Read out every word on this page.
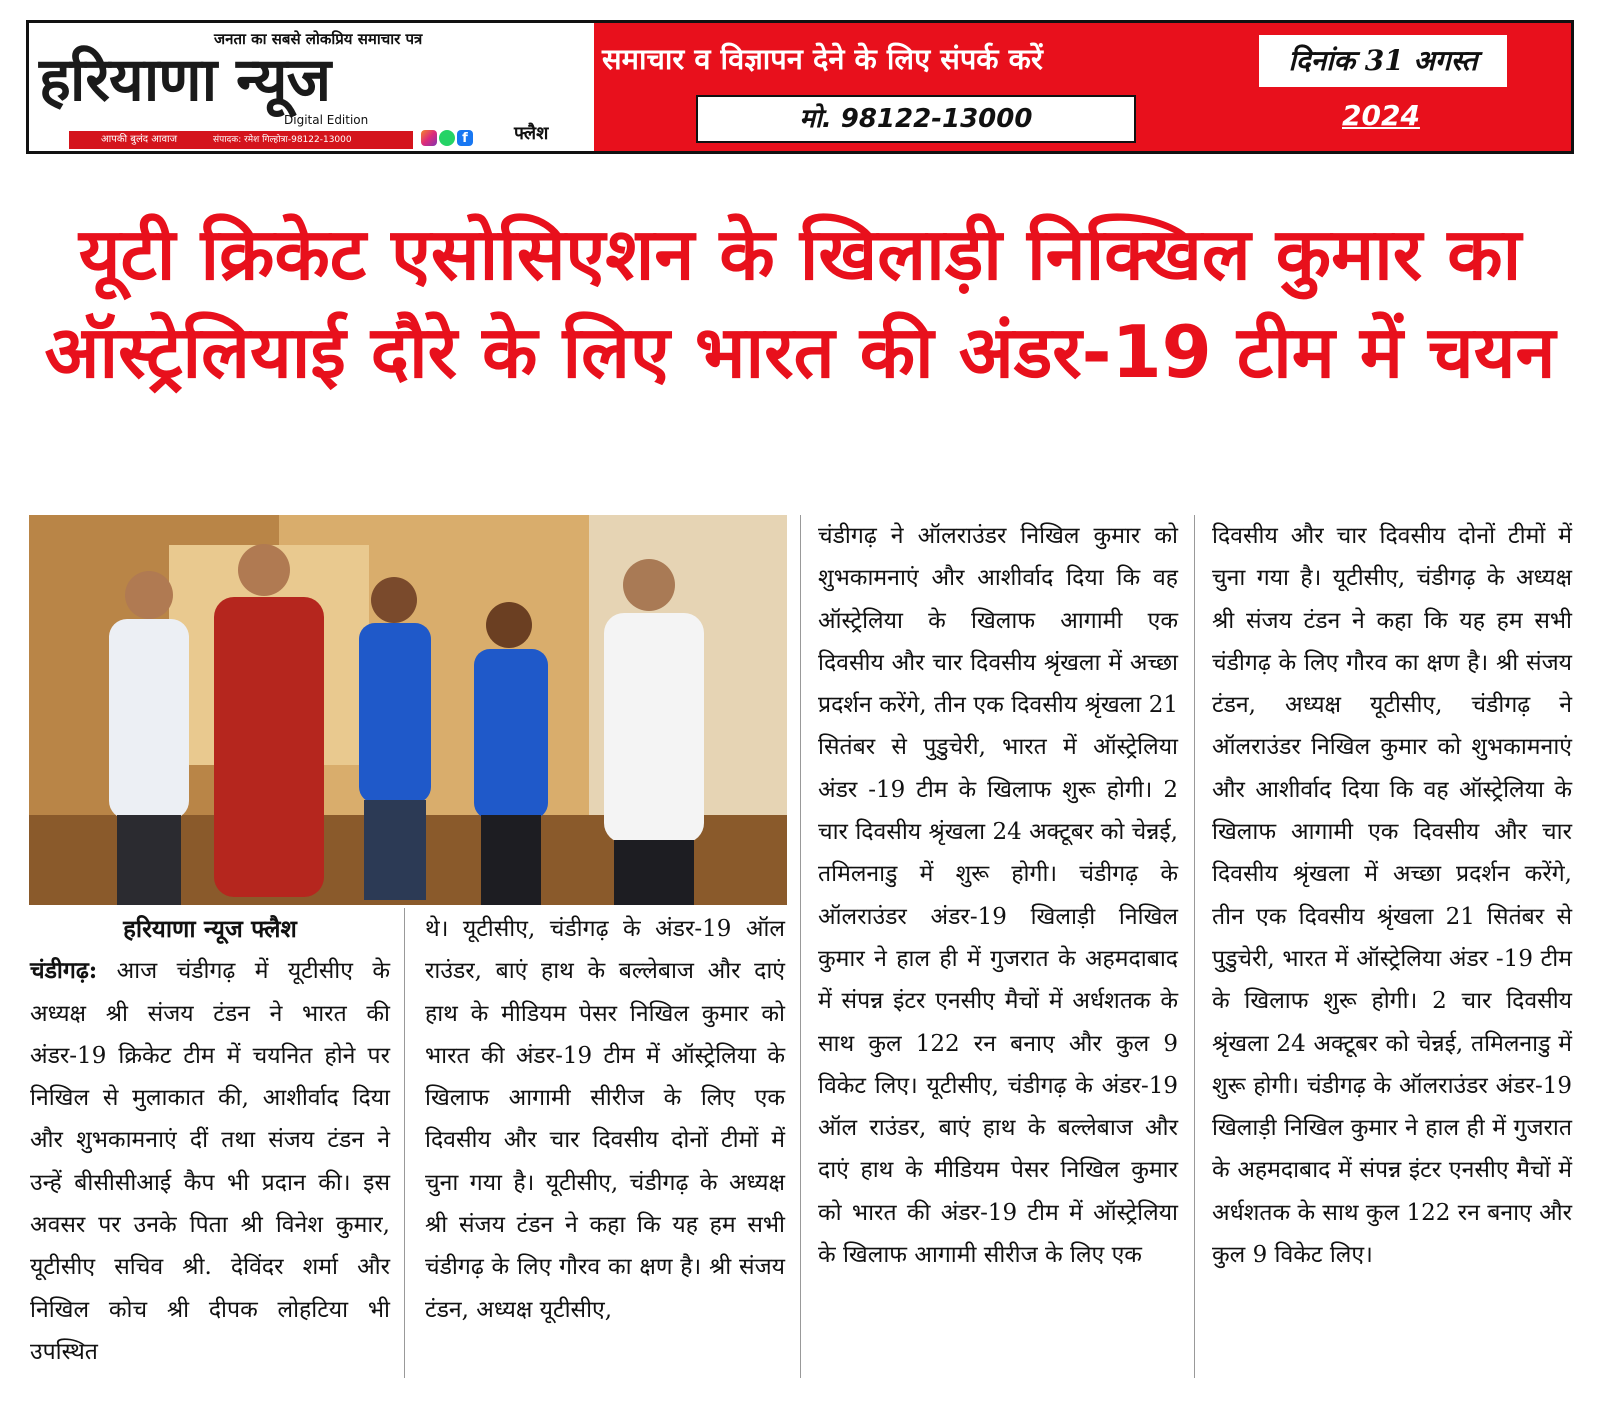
जनता का सबसे लोकप्रिय समाचार पत्र
हरियाणा न्यूज
Digital Edition
फ्लैश
आपकी बुलंद आवाज	संपादक: रमेश गिल्होत्रा-98122-13000	f
समाचार व विज्ञापन देने के लिए संपर्क करें
मो. 98122-13000
दिनांक 31 अगस्त
2024
यूटी क्रिकेट एसोसिएशन के खिलाड़ी निक्खिल कुमार का
ऑस्ट्रेलियाई दौरे के लिए भारत की अंडर-19 टीम में चयन

हरियाणा न्यूज फ्लैश

चंडीगढ़: आज चंडीगढ़ में यूटीसीए के अध्यक्ष श्री संजय टंडन ने भारत की अंडर-19 क्रिकेट टीम में चयनित होने पर निखिल से मुलाकात की, आशीर्वाद दिया और शुभकामनाएं दीं तथा संजय टंडन ने उन्हें बीसीसीआई कैप भी प्रदान की। इस अवसर पर उनके पिता श्री विनेश कुमार, यूटीसीए सचिव श्री. देविंदर शर्मा और निखिल कोच श्री दीपक लोहटिया भी उपस्थित
थे। यूटीसीए, चंडीगढ़ के अंडर-19 ऑल राउंडर, बाएं हाथ के बल्लेबाज और दाएं हाथ के मीडियम पेसर निखिल कुमार को भारत की अंडर-19 टीम में ऑस्ट्रेलिया के खिलाफ आगामी सीरीज के लिए एक दिवसीय और चार दिवसीय दोनों टीमों में चुना गया है। यूटीसीए, चंडीगढ़ के अध्यक्ष श्री संजय टंडन ने कहा कि यह हम सभी चंडीगढ़ के लिए गौरव का क्षण है। श्री संजय टंडन, अध्यक्ष यूटीसीए,
चंडीगढ़ ने ऑलराउंडर निखिल कुमार को शुभकामनाएं और आशीर्वाद दिया कि वह ऑस्ट्रेलिया के खिलाफ आगामी एक दिवसीय और चार दिवसीय श्रृंखला में अच्छा प्रदर्शन करेंगे, तीन एक दिवसीय श्रृंखला 21 सितंबर से पुडुचेरी, भारत में ऑस्ट्रेलिया अंडर -19 टीम के खिलाफ शुरू होगी। 2 चार दिवसीय श्रृंखला 24 अक्टूबर को चेन्नई, तमिलनाडु में शुरू होगी। चंडीगढ़ के ऑलराउंडर अंडर-19 खिलाड़ी निखिल कुमार ने हाल ही में गुजरात के अहमदाबाद में संपन्न इंटर एनसीए मैचों में अर्धशतक के साथ कुल 122 रन बनाए और कुल 9 विकेट लिए। यूटीसीए, चंडीगढ़ के अंडर-19 ऑल राउंडर, बाएं हाथ के बल्लेबाज और दाएं हाथ के मीडियम पेसर निखिल कुमार को भारत की अंडर-19 टीम में ऑस्ट्रेलिया के खिलाफ आगामी सीरीज के लिए एक
दिवसीय और चार दिवसीय दोनों टीमों में चुना गया है। यूटीसीए, चंडीगढ़ के अध्यक्ष श्री संजय टंडन ने कहा कि यह हम सभी चंडीगढ़ के लिए गौरव का क्षण है। श्री संजय टंडन, अध्यक्ष यूटीसीए, चंडीगढ़ ने ऑलराउंडर निखिल कुमार को शुभकामनाएं और आशीर्वाद दिया कि वह ऑस्ट्रेलिया के खिलाफ आगामी एक दिवसीय और चार दिवसीय श्रृंखला में अच्छा प्रदर्शन करेंगे, तीन एक दिवसीय श्रृंखला 21 सितंबर से पुडुचेरी, भारत में ऑस्ट्रेलिया अंडर -19 टीम के खिलाफ शुरू होगी। 2 चार दिवसीय श्रृंखला 24 अक्टूबर को चेन्नई, तमिलनाडु में शुरू होगी। चंडीगढ़ के ऑलराउंडर अंडर-19 खिलाड़ी निखिल कुमार ने हाल ही में गुजरात के अहमदाबाद में संपन्न इंटर एनसीए मैचों में अर्धशतक के साथ कुल 122 रन बनाए और कुल 9 विकेट लिए।
